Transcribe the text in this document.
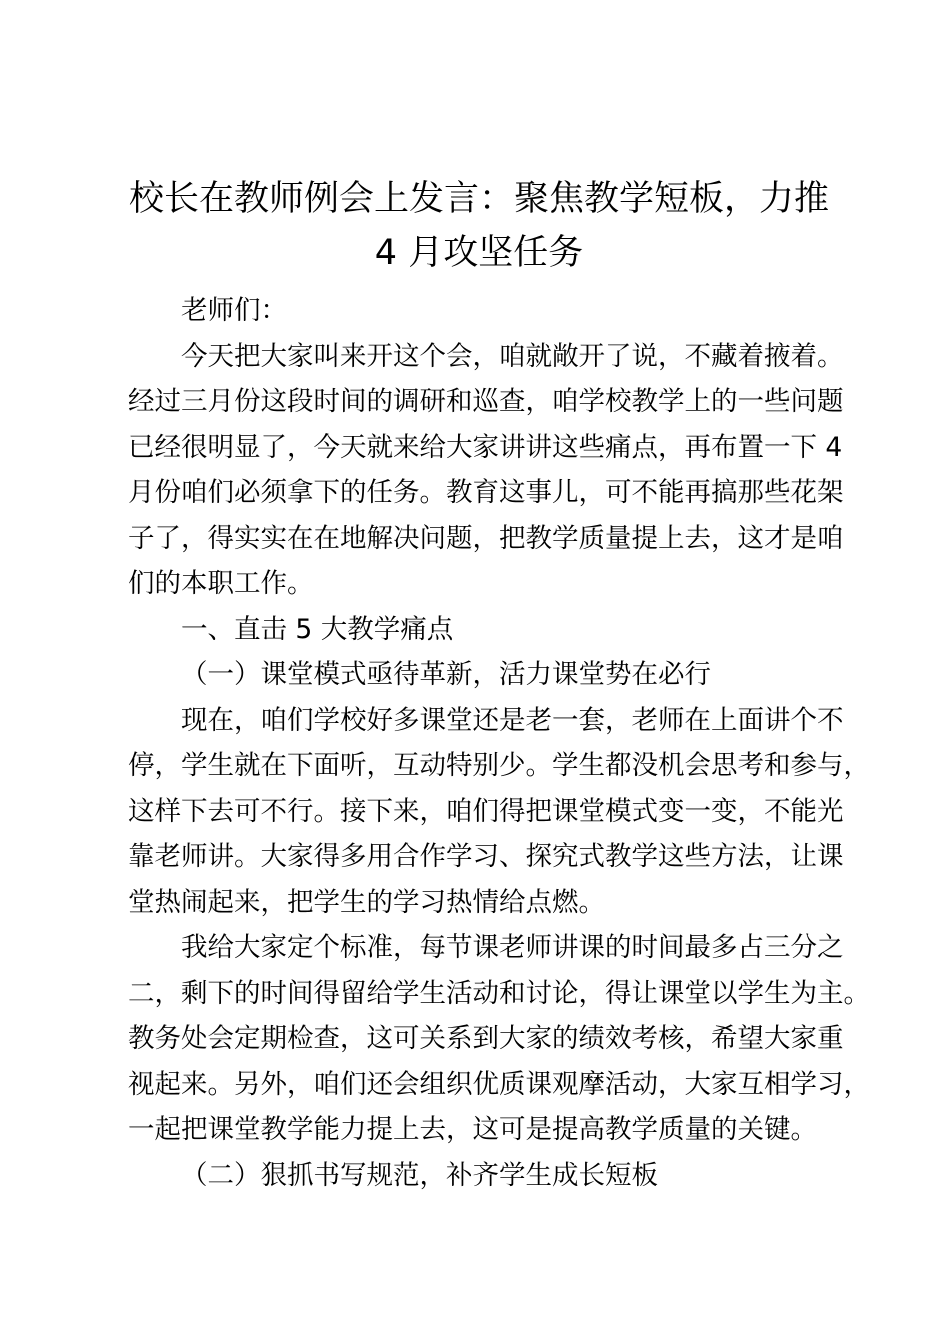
校长在教师例会上发言：聚焦教学短板，力推
4 月攻坚任务

老师们：

今天把大家叫来开这个会，咱就敞开了说，不藏着掖着。
经过三月份这段时间的调研和巡查，咱学校教学上的一些问题
已经很明显了，今天就来给大家讲讲这些痛点，再布置一下 4
月份咱们必须拿下的任务。教育这事儿，可不能再搞那些花架
子了，得实实在在地解决问题，把教学质量提上去，这才是咱
们的本职工作。

一、直击 5 大教学痛点

（一）课堂模式亟待革新，活力课堂势在必行

现在，咱们学校好多课堂还是老一套，老师在上面讲个不
停，学生就在下面听，互动特别少。学生都没机会思考和参与，
这样下去可不行。接下来，咱们得把课堂模式变一变，不能光
靠老师讲。大家得多用合作学习、探究式教学这些方法，让课
堂热闹起来，把学生的学习热情给点燃。

我给大家定个标准，每节课老师讲课的时间最多占三分之
二，剩下的时间得留给学生活动和讨论，得让课堂以学生为主。
教务处会定期检查，这可关系到大家的绩效考核，希望大家重
视起来。另外，咱们还会组织优质课观摩活动，大家互相学习，
一起把课堂教学能力提上去，这可是提高教学质量的关键。

（二）狠抓书写规范，补齐学生成长短板
